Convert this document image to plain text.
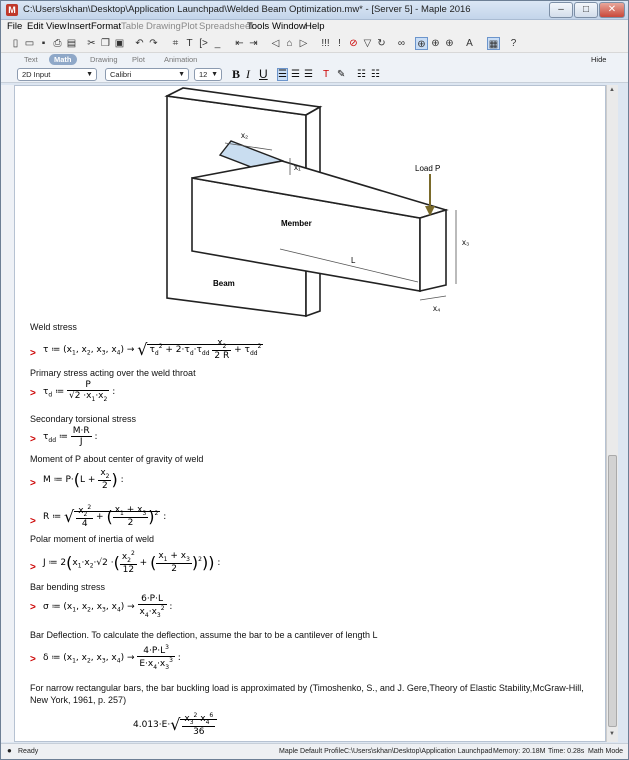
M C:\Users\skhan\Desktop\Application Launchpad\Welded Beam Optimization.mw* - [Server 5] - Maple 2016	–	□	✕
File Edit View Insert Format Table Drawing Plot Spreadsheet
Tools Window Help
▯ ▭ ▪ ⎙ ▤ ✂ ❐ ▣ ↶ ↷	⌗ T [> _	⇤ ⇥ ◁ ⌂ ▷ !!! ! ⊘ ▽ ↻ ∞ ⊕ ⊕ ⊕	A	▦	?
Text	Math	Drawing	Plot	Animation	Hide
2D Input	▼	Calibri	▼	12 ▼ B I U ☰ ☰ ☰ T ✎ ☷ ☷
x₂
x₁	Load P
Member
L
x₃
Beam
x₄
Weld stress
> τ ≔ ($x_1$, $x_2$, $x_3$, $x_4$) → √ $\tau_d^2 + 2\cdot\tau_d\cdot\tau_{dd} \frac{x_2}{2 R} + \tau_{dd}^2$
Primary stress acting over the weld throat
> $\tau_d$ ≔ $\frac{P}{√2 \cdot x_1\cdot x_2}$ :
Secondary torsional stress
> $\tau_{dd}$ ≔ $\frac{M\cdot R}{J}$ :
Moment of P about center of gravity of weld
> M ≔ $P\cdot(L + \frac{x_2}{2}$ ) :
> R ≔ √ $\frac{x_2^2}{4}$ + ( $\frac{x_1 + x_3}{2} )^2$ :
Polar moment of inertia of weld
> J ≔ $2(x_1\cdot x_2\cdot√2$ ·( $\frac{x_2^2}{12}$ + ( $\frac{x_1 + x_3}{2} )^2$)) :
Bar bending stress
> σ ≔ ($x_1$, $x_2$, $x_3$, $x_4) \to \frac{6\cdot P\cdot L}{x_4\cdot x_3^2}$ :
Bar Deflection. To calculate the deflection, assume the bar to be a cantilever of length L
> δ ≔ ($x_1$, $x_2$, $x_3$, $x_4) \to \frac{4\cdot P\cdot L^3}{E\cdot x_4\cdot x_3^3}$ :
For narrow rectangular bars, the bar buckling load is approximated by (Timoshenko, S., and J. Gere,Theory of Elastic Stability,McGraw-Hill, New York, 1961, p. 257)
$4.013\cdot E\cdot√ \frac{x_3^2 x_4^6}{36}$
▲
▼
● Ready	Maple Default Profile C:\Users\skhan\Desktop\Application Launchpad Memory: 20.18M Time: 0.28s Math Mode
